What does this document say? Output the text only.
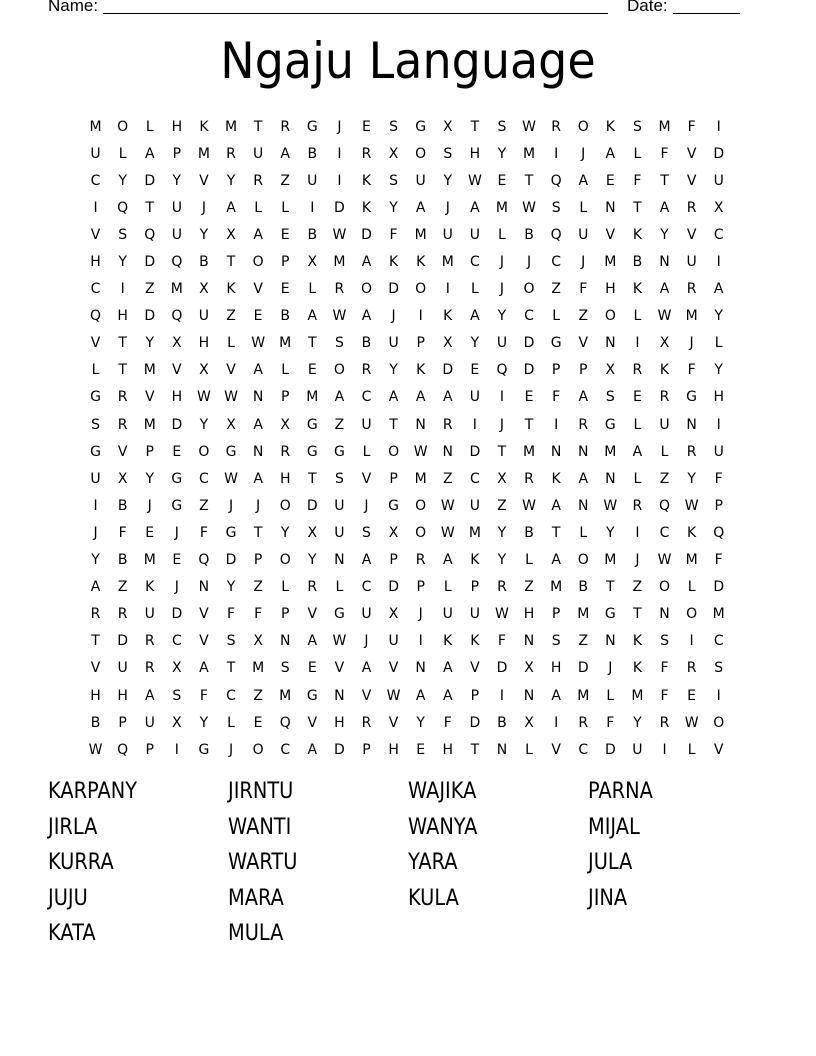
Name:	Date:
Ngaju Language
M	O	L	H	K	M	T	R	G	J	E	S	G	X	T	S	W	R	O	K	S	M	F	I
U	L	A	P	M	R	U	A	B	I	R	X	O	S	H	Y	M	I	J	A	L	F	V	D
C	Y	D	Y	V	Y	R	Z	U	I	K	S	U	Y	W	E	T	Q	A	E	F	T	V	U
I	Q	T	U	J	A	L	L	I	D	K	Y	A	J	A	M	W	S	L	N	T	A	R	X
V	S	Q	U	Y	X	A	E	B	W	D	F	M	U	U	L	B	Q	U	V	K	Y	V	C
H	Y	D	Q	B	T	O	P	X	M	A	K	K	M	C	J	J	C	J	M	B	N	U	I
C	I	Z	M	X	K	V	E	L	R	O	D	O	I	L	J	O	Z	F	H	K	A	R	A
Q	H	D	Q	U	Z	E	B	A	W	A	J	I	K	A	Y	C	L	Z	O	L	W	M	Y
V	T	Y	X	H	L	W	M	T	S	B	U	P	X	Y	U	D	G	V	N	I	X	J	L
L	T	M	V	X	V	A	L	E	O	R	Y	K	D	E	Q	D	P	P	X	R	K	F	Y
G	R	V	H	W W	N	P	M	A	C	A	A	A	U	I	E	F	A	S	E	R	G	H
S	R	M	D	Y	X	A	X	G	Z	U	T	N	R	I	J	T	I	R	G	L	U	N	I
G	V	P	E	O	G	N	R	G	G	L	O	W	N	D	T	M	N	N	M	A	L	R	U
U	X	Y	G	C	W	A	H	T	S	V	P	M	Z	C	X	R	K	A	N	L	Z	Y	F
I	B	J	G	Z	J	J	O	D	U	J	G	O	W	U	Z	W	A	N	W	R	Q	W	P
J	F	E	J	F	G	T	Y	X	U	S	X	O	W	M	Y	B	T	L	Y	I	C	K	Q
Y	B	M	E	Q	D	P	O	Y	N	A	P	R	A	K	Y	L	A	O	M	J	W	M	F
A	Z	K	J	N	Y	Z	L	R	L	C	D	P	L	P	R	Z	M	B	T	Z	O	L	D
R	R	U	D	V	F	F	P	V	G	U	X	J	U	U	W	H	P	M	G	T	N	O	M
T	D	R	C	V	S	X	N	A	W	J	U	I	K	K	F	N	S	Z	N	K	S	I	C
V	U	R	X	A	T	M	S	E	V	A	V	N	A	V	D	X	H	D	J	K	F	R	S
H	H	A	S	F	C	Z	M	G	N	V	W	A	A	P	I	N	A	M	L	M	F	E	I
B	P	U	X	Y	L	E	Q	V	H	R	V	Y	F	D	B	X	I	R	F	Y	R	W	O
W	Q	P	I	G	J	O	C	A	D	P	H	E	H	T	N	L	V	C	D	U	I	L	V
KARPANY	JIRNTU	WAJIKA	PARNA
JIRLA	WANTI	WANYA	MIJAL
KURRA	WARTU	YARA	JULA
JUJU	MARA	KULA	JINA
KATA	MULA
